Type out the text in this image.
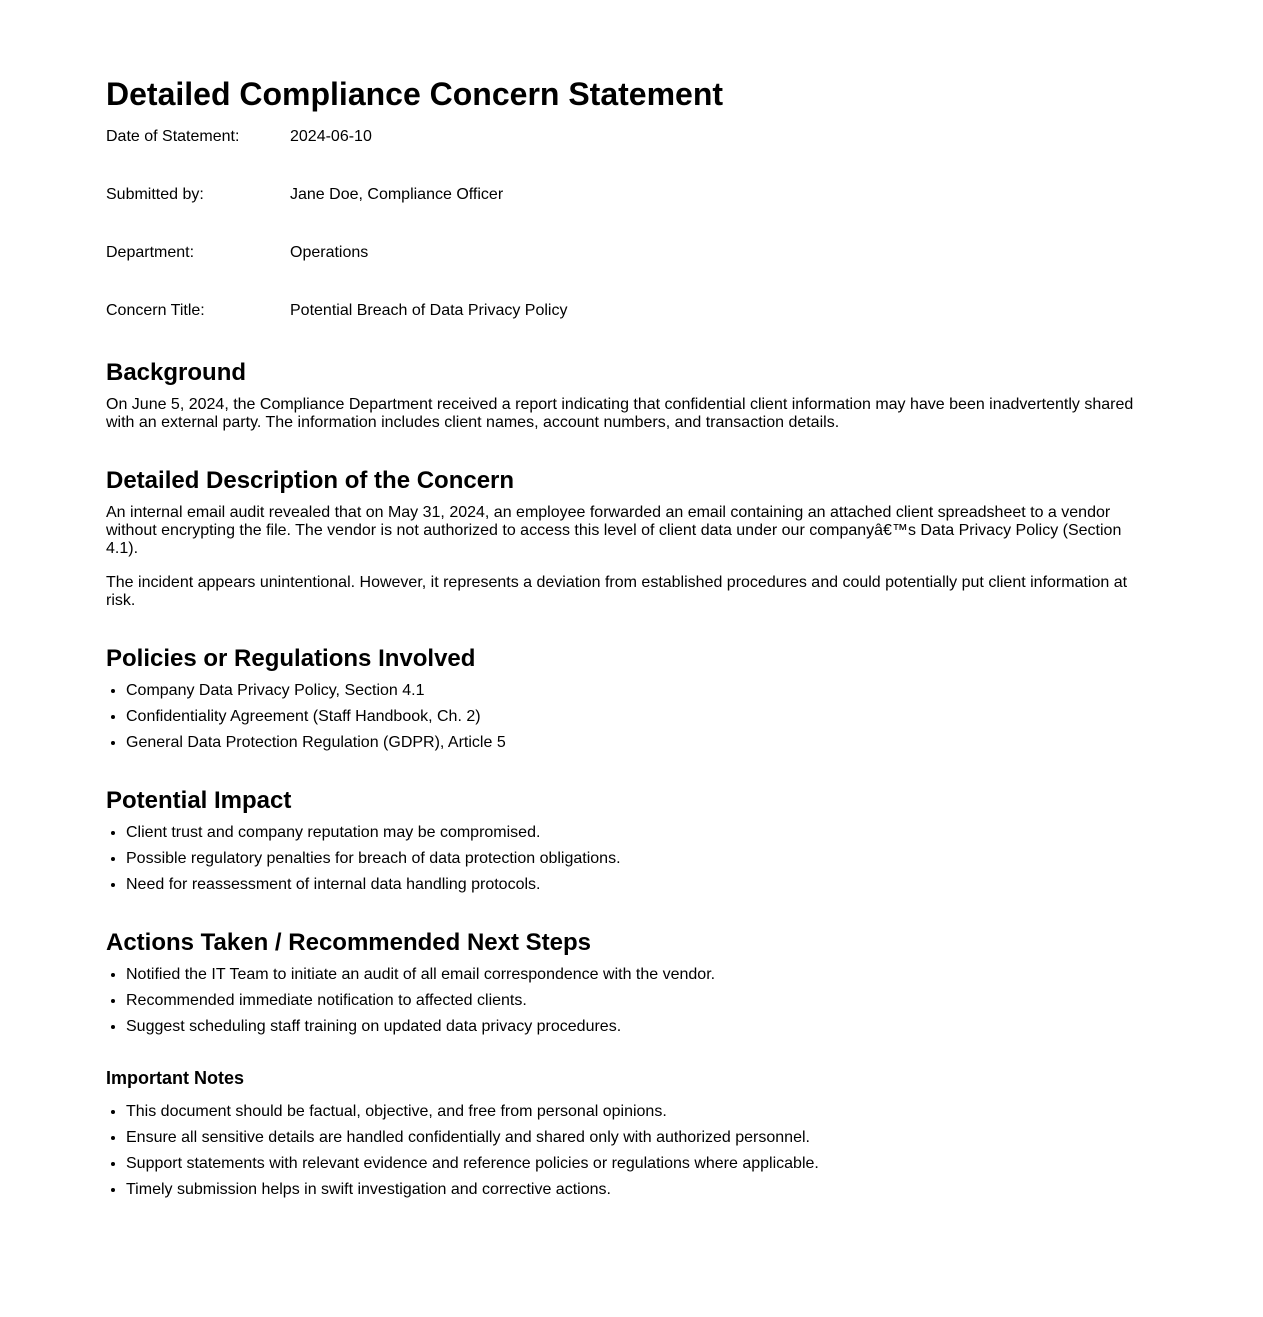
Detailed Compliance Concern Statement
Date of Statement:	2024-06-10
Submitted by:	Jane Doe, Compliance Officer
Department:	Operations
Concern Title:	Potential Breach of Data Privacy Policy
Background

On June 5, 2024, the Compliance Department received a report indicating that confidential client information may have been inadvertently shared with an external party. The information includes client names, account numbers, and transaction details.

Detailed Description of the Concern

An internal email audit revealed that on May 31, 2024, an employee forwarded an email containing an attached client spreadsheet to a vendor without encrypting the file. The vendor is not authorized to access this level of client data under our companyâ€™s Data Privacy Policy (Section 4.1).

The incident appears unintentional. However, it represents a deviation from established procedures and could potentially put client information at risk.

Policies or Regulations Involved
• Company Data Privacy Policy, Section 4.1
• Confidentiality Agreement (Staff Handbook, Ch. 2)
• General Data Protection Regulation (GDPR), Article 5
Potential Impact
• Client trust and company reputation may be compromised.
• Possible regulatory penalties for breach of data protection obligations.
• Need for reassessment of internal data handling protocols.
Actions Taken / Recommended Next Steps
• Notified the IT Team to initiate an audit of all email correspondence with the vendor.
• Recommended immediate notification to affected clients.
• Suggest scheduling staff training on updated data privacy procedures.
Important Notes
• This document should be factual, objective, and free from personal opinions.
• Ensure all sensitive details are handled confidentially and shared only with authorized personnel.
• Support statements with relevant evidence and reference policies or regulations where applicable.
• Timely submission helps in swift investigation and corrective actions.
